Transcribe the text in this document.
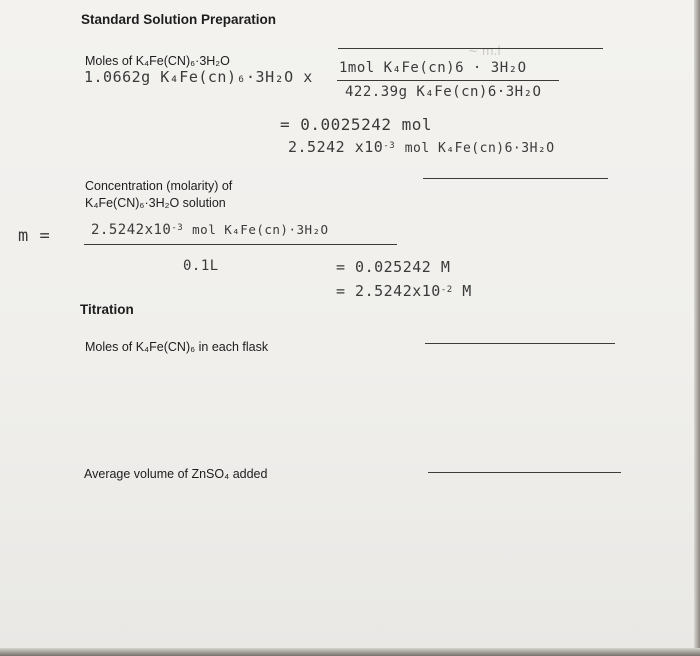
~ m.l
Standard Solution Preparation
Moles of K₄Fe(CN)₆·3H₂O
1.0662g K₄Fe(cn)₆·3H₂O x 1mol K₄Fe(cn)6 · 3H₂O
422.39g K₄Fe(cn)6·3H₂O
= 0.0025242 mol
2.5242 $x10^{-3}$ mol K₄Fe(cn)6·3H₂O
Concentration (molarity) of
K₄Fe(CN)₆·3H₂O solution
m =	$2.5242x10^{-3}$ mol K₄Fe(cn)·3H₂O
0.1L	= 0.025242 M
= $2.5242x10^{-2}$ M
Titration
Moles of K₄Fe(CN)₆ in each flask
Average volume of ZnSO₄ added
